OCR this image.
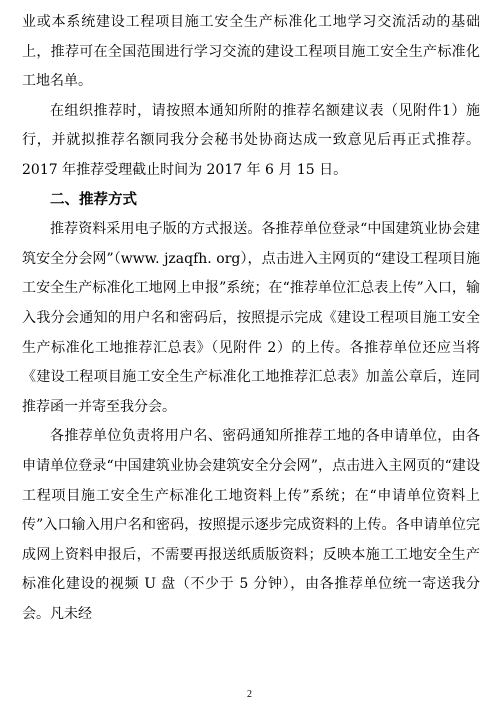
业或本系统建设工程项目施工安全生产标准化工地学习交流活动的基础上，推荐可在全国范围进行学习交流的建设工程项目施工安全生产标准化工地名单。

在组织推荐时，请按照本通知所附的推荐名额建议表（见附件1）施行，并就拟推荐名额同我分会秘书处协商达成一致意见后再正式推荐。2017 年推荐受理截止时间为 2017 年 6 月 15 日。

二、推荐方式

推荐资料采用电子版的方式报送。各推荐单位登录“中国建筑业协会建筑安全分会网”（www. jzaqfh. org），点击进入主网页的“建设工程项目施工安全生产标准化工地网上申报”系统；在“推荐单位汇总表上传”入口，输入我分会通知的用户名和密码后，按照提示完成《建设工程项目施工安全生产标准化工地推荐汇总表》（见附件 2）的上传。各推荐单位还应当将《建设工程项目施工安全生产标准化工地推荐汇总表》加盖公章后，连同推荐函一并寄至我分会。

各推荐单位负责将用户名、密码通知所推荐工地的各申请单位，由各申请单位登录“中国建筑业协会建筑安全分会网”，点击进入主网页的“建设工程项目施工安全生产标准化工地资料上传”系统；在“申请单位资料上传”入口输入用户名和密码，按照提示逐步完成资料的上传。各申请单位完成网上资料申报后，不需要再报送纸质版资料；反映本施工工地安全生产标准化建设的视频 U 盘（不少于 5 分钟），由各推荐单位统一寄送我分会。凡未经

2
